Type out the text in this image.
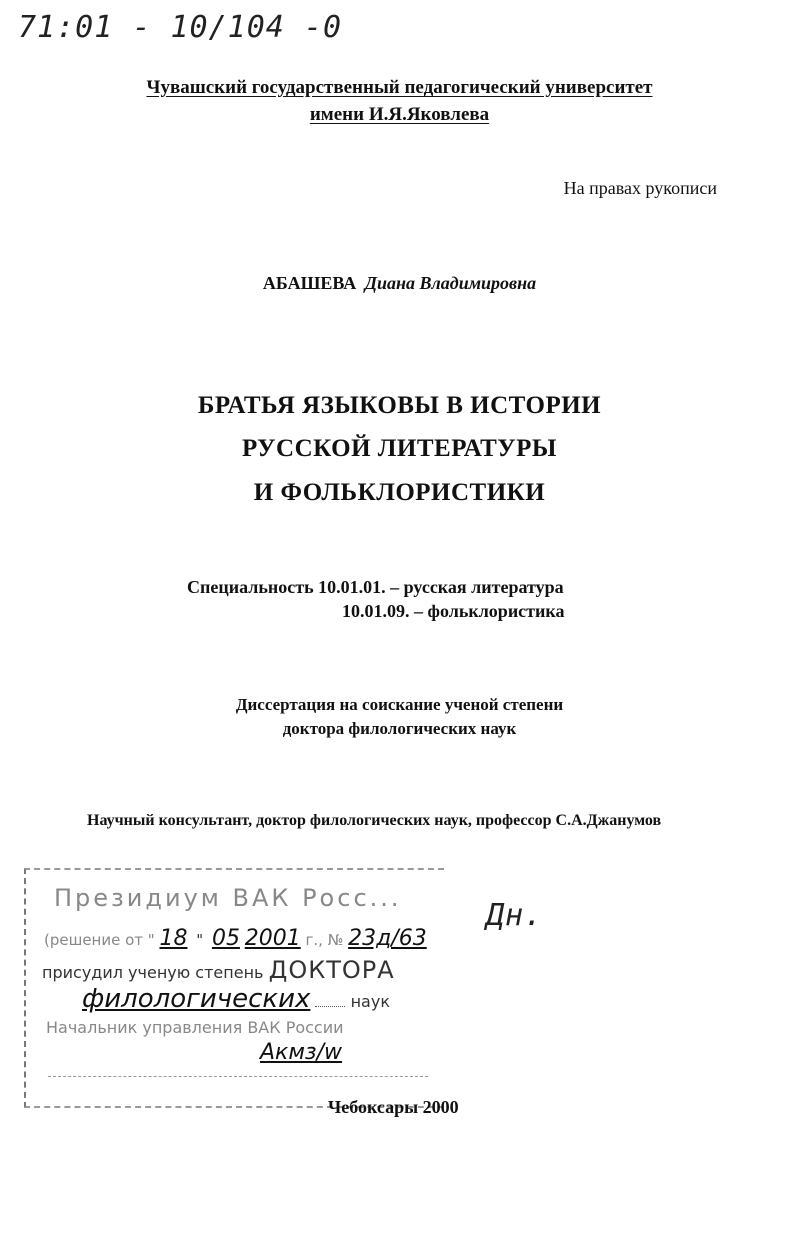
71:01 - 10/104 -0
Чувашский государственный педагогический университет
имени И.Я.Яковлева
На правах рукописи
АБАШЕВА Диана Владимировна
БРАТЬЯ ЯЗЫКОВЫ В ИСТОРИИ
РУССКОЙ ЛИТЕРАТУРЫ
И ФОЛЬКЛОРИСТИКИ
Специальность 10.01.01. – русская литература
10.01.09. – фольклористика
Диссертация на соискание ученой степени
доктора филологических наук
Научный консультант, доктор филологических наук, профессор С.А.Джанумов
Президиум ВАК Росс...
(решение от " 18 " 05 2001 г., № 23д/63
присудил ученую степень ДОКТОРА
филологических	наук
Начальник управления ВАК России
Акмз/w
Дн.
Чебоксары 2000
